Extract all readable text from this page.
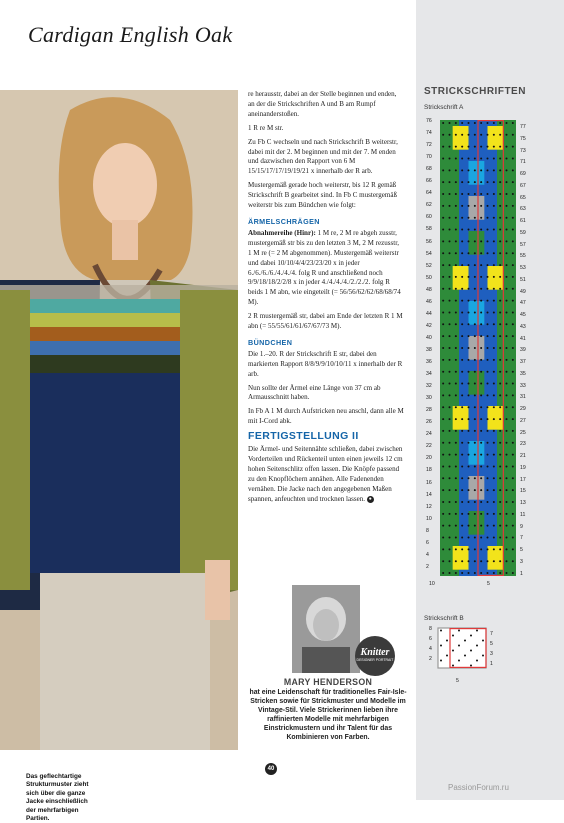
Cardigan English Oak
Das geflechtartige Strukturmuster zieht sich über die ganze Jacke einschließlich der mehrfarbigen Partien.

re herausstr, dabei an der Stelle beginnen und enden, an der die Strickschriften A und B am Rumpf aneinanderstoßen.

1 R re M str.

Zu Fb C wechseln und nach Strickschrift B weiterstr, dabei mit der 2. M beginnen und mit der 7. M enden und dazwischen den Rapport von 6 M 15/15/17/17/19/19/21 x innerhalb der R arb.

Mustergemäß gerade hoch weiterstr, bis 12 R gemäß Strickschrift B gearbeitet sind. In Fb C mustergemäß weiterstr bis zum Bündchen wie folgt:

ÄRMELSCHRÄGEN

Abnahmereihe (Hinr): 1 M re, 2 M re abgeh zusstr, mustergemäß str bis zu den letzten 3 M, 2 M rezusstr, 1 M re (= 2 M abgenommen). Mustergemäß weiterstr und dabei 10/10/4/4/23/23/20 x in jeder 6./6./6./6./4./4./4. folg R und anschließend noch 9/9/18/18/2/2/8 x in jeder 4./4./4./4./2./2./2. folg R beids 1 M abn, wie eingeteilt (= 56/56/62/62/68/68/74 M).

2 R mustergemäß str, dabei am Ende der letzten R 1 M abn (= 55/55/61/61/67/67/73 M).

BÜNDCHEN

Die 1.–20. R der Strickschrift E str, dabei den markierten Rapport 8/8/9/9/10/10/11 x innerhalb der R arb.

Nun sollte der Ärmel eine Länge von 37 cm ab Armausschnitt haben.

In Fb A 1 M durch Aufstricken neu anschl, dann alle M mit I-Cord abk.

FERTIGSTELLUNG II

Die Ärmel- und Seitennähte schließen, dabei zwischen Vorderteilen und Rückenteil unten einen jeweils 12 cm hohen Seitenschlitz offen lassen. Die Knöpfe passend zu den Knopflöchern annähen. Alle Fadenenden vernähen. Die Jacke nach den angegebenen Maßen spannen, anfeuchten und trocknen lassen. ●

Knitter
DESIGNER PORTRAIT
MARY HENDERSON
hat eine Leidenschaft für traditionelles Fair-Isle-Stricken sowie für Strickmuster und Modelle im Vintage-Stil. Viele Strickerinnen lieben ihre raffinierten Modelle mit mehrfarbigen Einstrickmustern und ihr Talent für das Kombinieren von Farben.
40
STRICKSCHRIFTEN
Strickschrift A
76
74
72
70
68
66
64
62
60
58
56
54
52
50
48
46
44
42
40
38
36
34
32
30
28
26
24
22
20
18
16
14
12
10
8
6
4
2
77
75
73
71
69
67
65
63
61
59
57
55
53
51
49
47
45
43
41
39
37
35
33
31
29
27
25
23
21
19
17
15
13
11
9
7
5
3
1
10	5
Strickschrift B
8
6
4
2
7
5
3
1
5
PassionForum.ru
